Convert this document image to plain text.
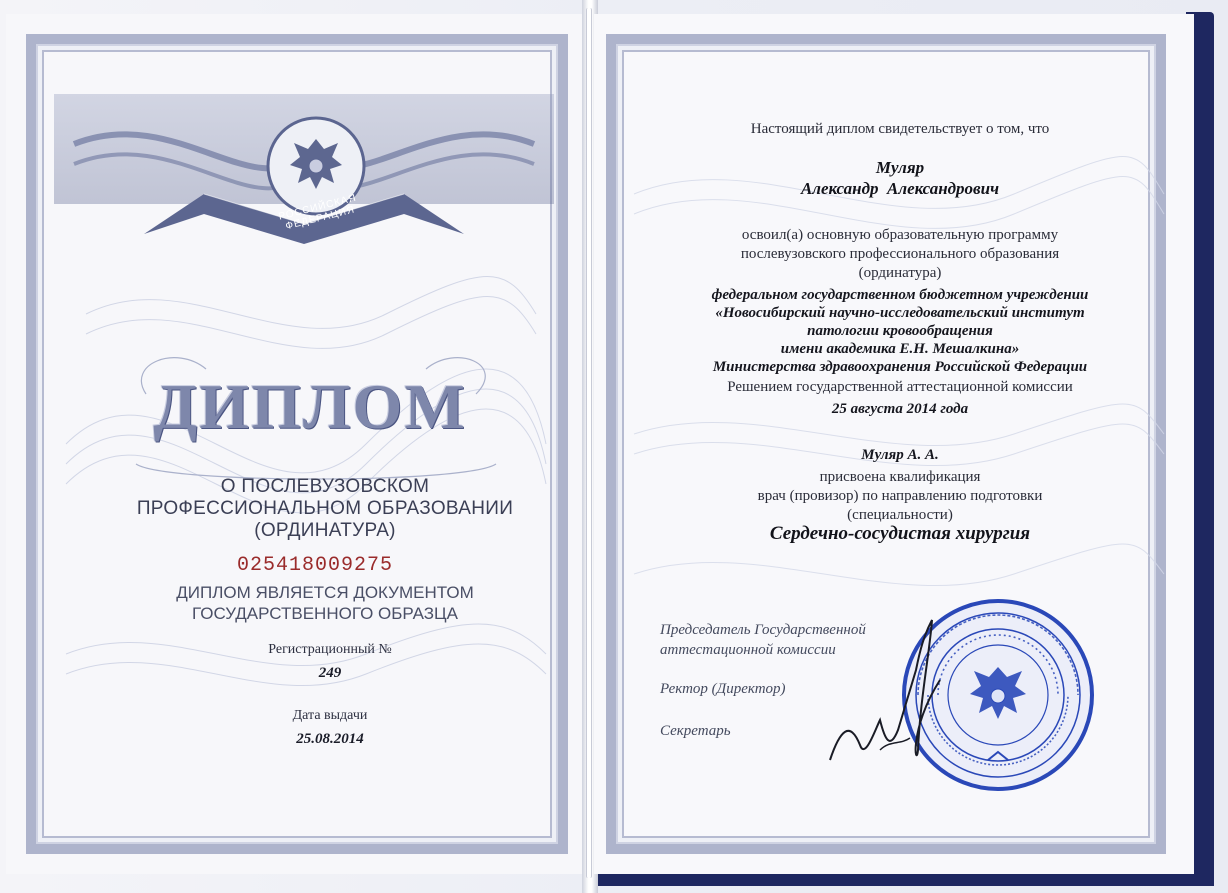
РОССИЙСКАЯ ФЕДЕРАЦИЯ
ДИПЛОМ
О ПОСЛЕВУЗОВСКОМ
ПРОФЕССИОНАЛЬНОМ ОБРАЗОВАНИИ
(ОРДИНАТУРА)
025418009275
ДИПЛОМ ЯВЛЯЕТСЯ ДОКУМЕНТОМ
ГОСУДАРСТВЕННОГО ОБРАЗЦА
Регистрационный №
249
Дата выдачи
25.08.2014
Настоящий диплом свидетельствует о том, что
Муляр
Александр  Александрович
освоил(а) основную образовательную программу
послевузовского профессионального образования
(ординатура)
федеральном государственном бюджетном учреждении
«Новосибирский научно-исследовательский институт
патологии кровообращения
имени академика Е.Н. Мешалкина»
Министерства здравоохранения Российской Федерации
Решением государственной аттестационной комиссии
25 августа 2014 года
Муляр А. А.
присвоена квалификация
врач (провизор) по направлению подготовки
(специальности)
Сердечно-сосудистая хирургия
Председатель Государственной
аттестационной комиссии
Ректор (Директор)
Секретарь
